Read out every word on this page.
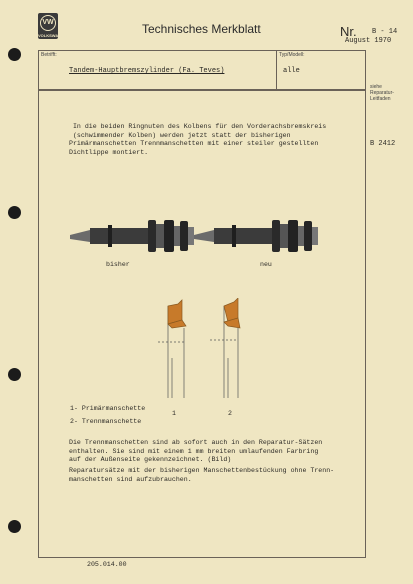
VW
VOLKSWAGEN	Technisches Merkblatt	Nr. B - 14
August 1970
Betrifft:	Typ/Modell:
Tandem-Hauptbremszylinder (Fa. Teves)	alle
siehe
Reparatur-
Leitfaden
B 2412
In die beiden Ringnuten des Kolbens für den Vorderachsbremskreis
(schwimmender Kolben) werden jetzt statt der bisherigen
Primärmanschetten Trennmanschetten mit einer steiler gestellten
Dichtlippe montiert.
bisher	neu
1- Primärmanschette
2- Trennmanschette
1	2
Die Trennmanschetten sind ab sofort auch in den Reparatur-Sätzen
enthalten. Sie sind mit einem 1 mm breiten umlaufenden Farbring
auf der Außenseite gekennzeichnet. (Bild)
Reparatursätze mit der bisherigen Manschettenbestückung ohne Trenn-
manschetten sind aufzubrauchen.
205.014.00
